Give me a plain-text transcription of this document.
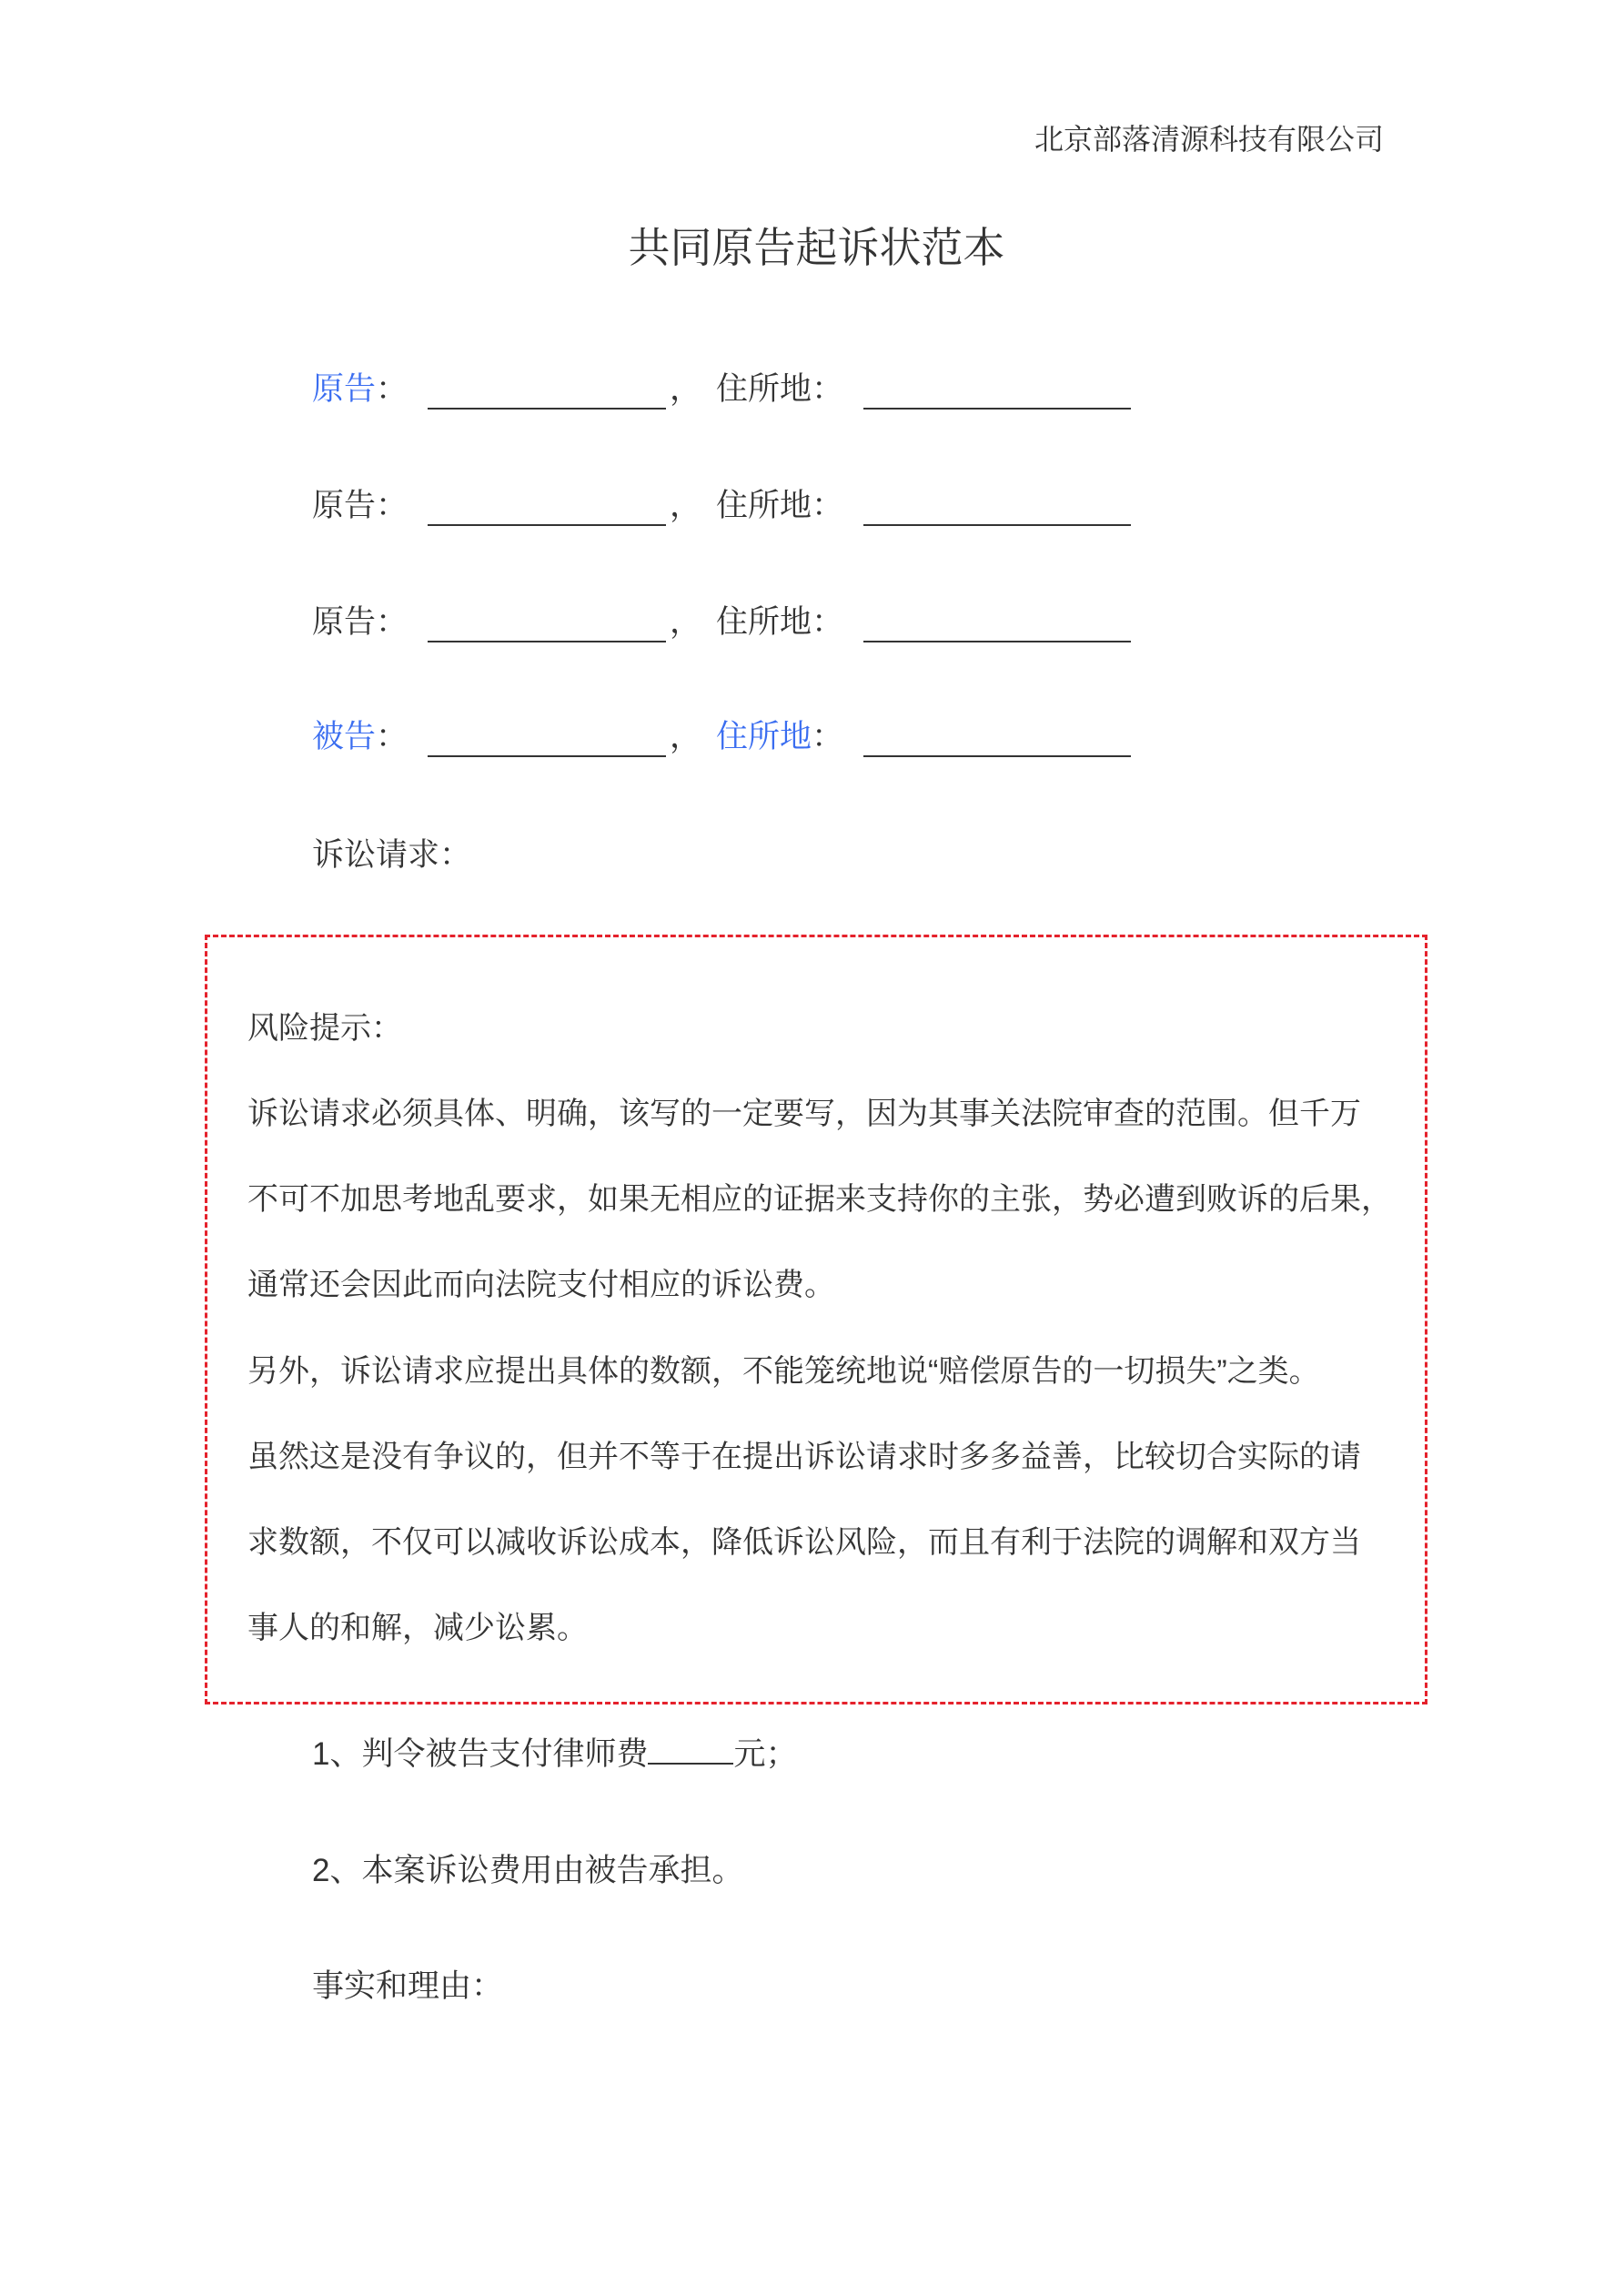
北京部落清源科技有限公司
共同原告起诉状范本
原告 ：	， 住所地 ：
原告 ：	， 住所地 ：
原告 ：	， 住所地 ：
被告 ：	， 住所地 ：
诉讼请求：
风险提示：
诉讼请求必须具体、明确，该写的一定要写，因为其事关法院审查的范围。但千万
不可不加思考地乱要求，如果无相应的证据来支持你的主张，势必遭到败诉的后果，
通常还会因此而向法院支付相应的诉讼费。
另外，诉讼请求应提出具体的数额，不能笼统地说“赔偿原告的一切损失”之类。
虽然这是没有争议的，但并不等于在提出诉讼请求时多多益善，比较切合实际的请
求数额，不仅可以减收诉讼成本，降低诉讼风险，而且有利于法院的调解和双方当
事人的和解，减少讼累。
1、判令被告支付律师费	元；
2、本案诉讼费用由被告承担。
事实和理由：
